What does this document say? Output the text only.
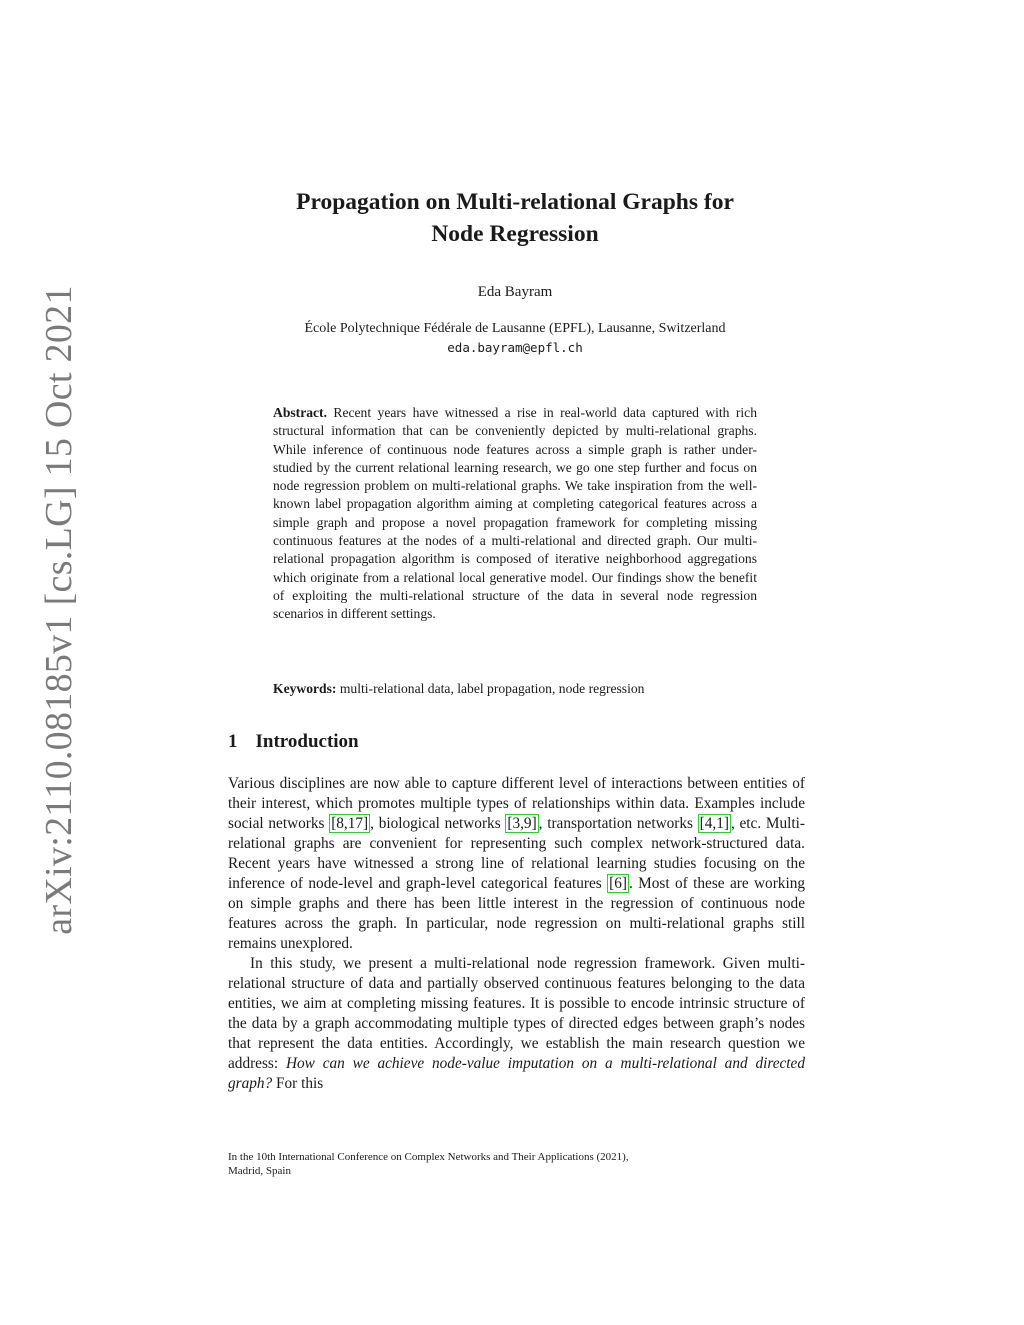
arXiv:2110.08185v1 [cs.LG] 15 Oct 2021
Propagation on Multi-relational Graphs for
Node Regression
Eda Bayram
École Polytechnique Fédérale de Lausanne (EPFL), Lausanne, Switzerland
eda.bayram@epfl.ch
Abstract. Recent years have witnessed a rise in real-world data captured with rich structural information that can be conveniently depicted by multi-relational graphs. While inference of continuous node features across a simple graph is rather under-studied by the current relational learning research, we go one step further and focus on node regression problem on multi-relational graphs. We take inspiration from the well-known label propagation algorithm aiming at completing categorical features across a simple graph and propose a novel propagation framework for completing missing continuous features at the nodes of a multi-relational and directed graph. Our multi-relational propagation algorithm is composed of iterative neighborhood aggregations which originate from a relational local generative model. Our findings show the benefit of exploiting the multi-relational structure of the data in several node regression scenarios in different settings.
Keywords: multi-relational data, label propagation, node regression
1 Introduction

Various disciplines are now able to capture different level of interactions between entities of their interest, which promotes multiple types of relationships within data. Examples include social networks [8,17] , biological networks [3,9] , transportation networks [4,1] , etc. Multi-relational graphs are convenient for representing such complex network-structured data. Recent years have witnessed a strong line of relational learning studies focusing on the inference of node-level and graph-level categorical features [6] . Most of these are working on simple graphs and there has been little interest in the regression of continuous node features across the graph. In particular, node regression on multi-relational graphs still remains unexplored.

In this study, we present a multi-relational node regression framework. Given multi-relational structure of data and partially observed continuous features belonging to the data entities, we aim at completing missing features. It is possible to encode intrinsic structure of the data by a graph accommodating multiple types of directed edges between graph’s nodes that represent the data entities. Accordingly, we establish the main research question we address: How can we achieve node-value imputation on a multi-relational and directed graph? For this

In the 10th International Conference on Complex Networks and Their Applications (2021),
Madrid, Spain
